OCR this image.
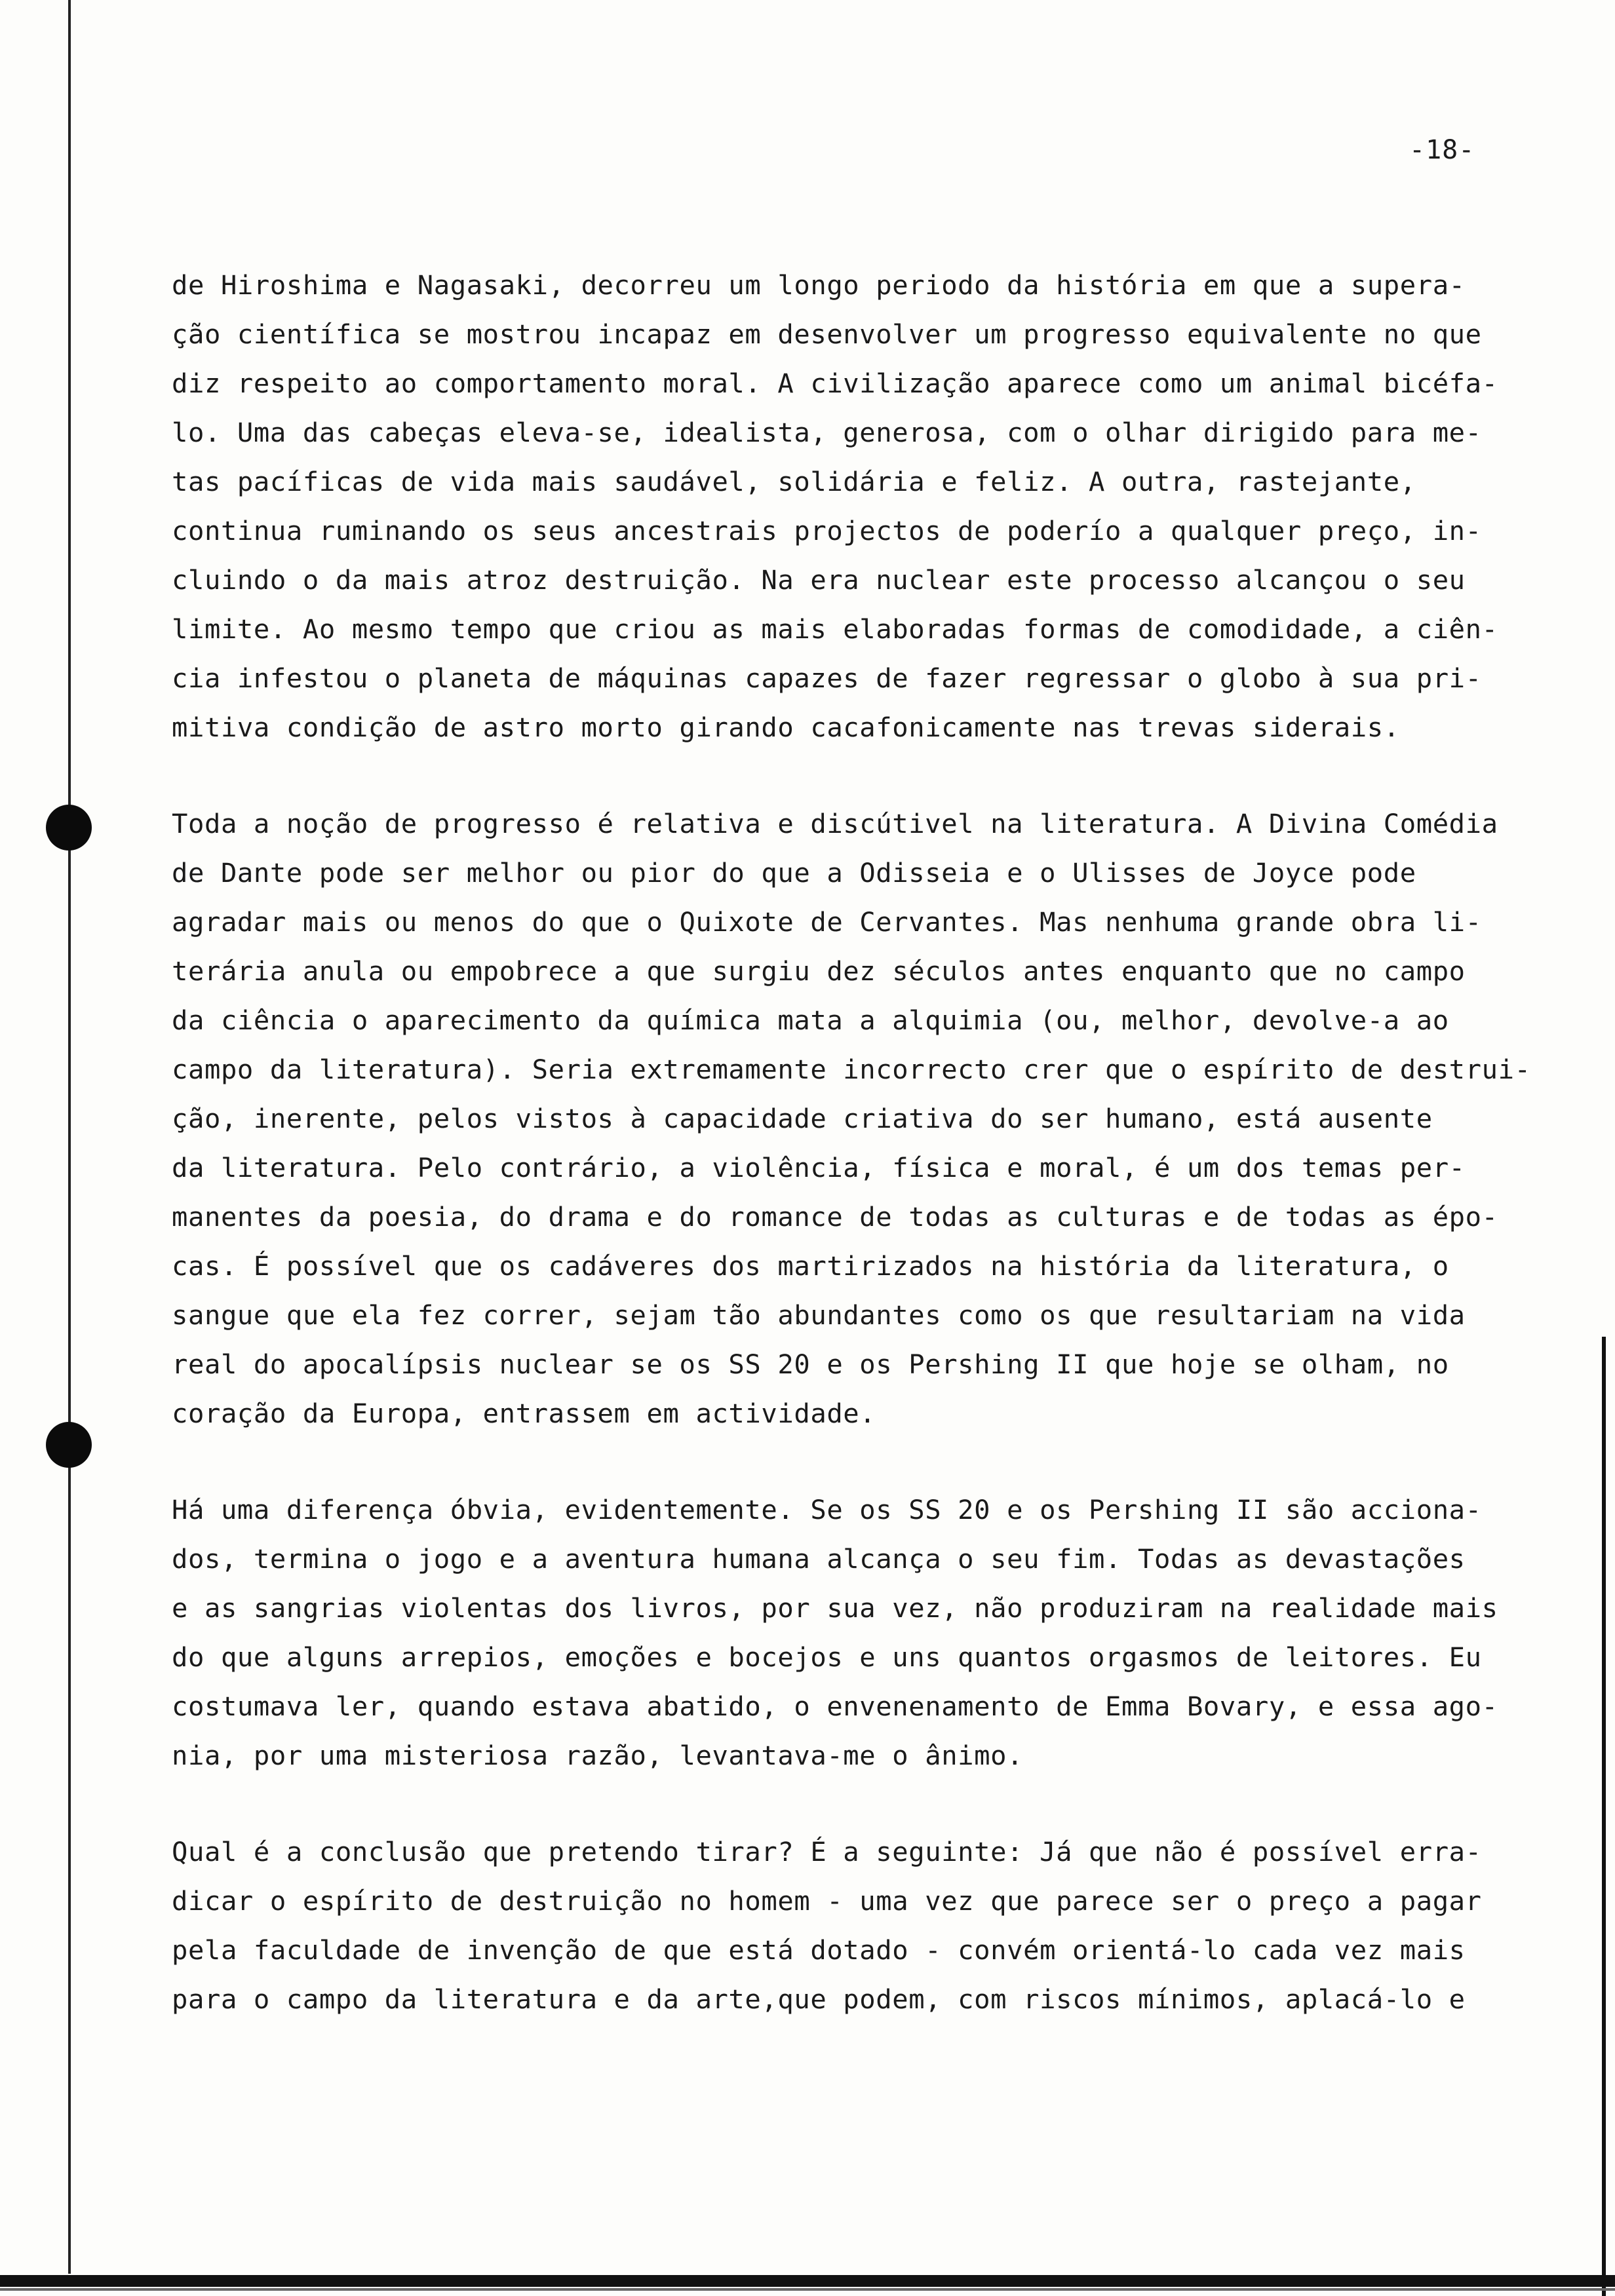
-18-
de Hiroshima e Nagasaki, decorreu um longo periodo da história em que a supera-
ção científica se mostrou incapaz em desenvolver um progresso equivalente no que
diz respeito ao comportamento moral. A civilização aparece como um animal bicéfa-
lo. Uma das cabeças eleva-se, idealista, generosa, com o olhar dirigido para me-
tas pacíficas de vida mais saudável, solidária e feliz. A outra, rastejante,
continua ruminando os seus ancestrais projectos de poderío a qualquer preço, in-
cluindo o da mais atroz destruição. Na era nuclear este processo alcançou o seu
limite. Ao mesmo tempo que criou as mais elaboradas formas de comodidade, a ciên-
cia infestou o planeta de máquinas capazes de fazer regressar o globo à sua pri-
mitiva condição de astro morto girando cacafonicamente nas trevas siderais.
Toda a noção de progresso é relativa e discútivel na literatura. A Divina Comédia
de Dante pode ser melhor ou pior do que a Odisseia e o Ulisses de Joyce pode
agradar mais ou menos do que o Quixote de Cervantes. Mas nenhuma grande obra li-
terária anula ou empobrece a que surgiu dez séculos antes enquanto que no campo
da ciência o aparecimento da química mata a alquimia (ou, melhor, devolve-a ao
campo da literatura). Seria extremamente incorrecto crer que o espírito de destrui-
ção, inerente, pelos vistos à capacidade criativa do ser humano, está ausente
da literatura. Pelo contrário, a violência, física e moral, é um dos temas per-
manentes da poesia, do drama e do romance de todas as culturas e de todas as épo-
cas. É possível que os cadáveres dos martirizados na história da literatura, o
sangue que ela fez correr, sejam tão abundantes como os que resultariam na vida
real do apocalípsis nuclear se os SS 20 e os Pershing II que hoje se olham, no
coração da Europa, entrassem em actividade.
Há uma diferença óbvia, evidentemente. Se os SS 20 e os Pershing II são acciona-
dos, termina o jogo e a aventura humana alcança o seu fim. Todas as devastações
e as sangrias violentas dos livros, por sua vez, não produziram na realidade mais
do que alguns arrepios, emoções e bocejos e uns quantos orgasmos de leitores. Eu
costumava ler, quando estava abatido, o envenenamento de Emma Bovary, e essa ago-
nia, por uma misteriosa razão, levantava-me o ânimo.
Qual é a conclusão que pretendo tirar? É a seguinte: Já que não é possível erra-
dicar o espírito de destruição no homem - uma vez que parece ser o preço a pagar
pela faculdade de invenção de que está dotado - convém orientá-lo cada vez mais
para o campo da literatura e da arte,que podem, com riscos mínimos, aplacá-lo e
